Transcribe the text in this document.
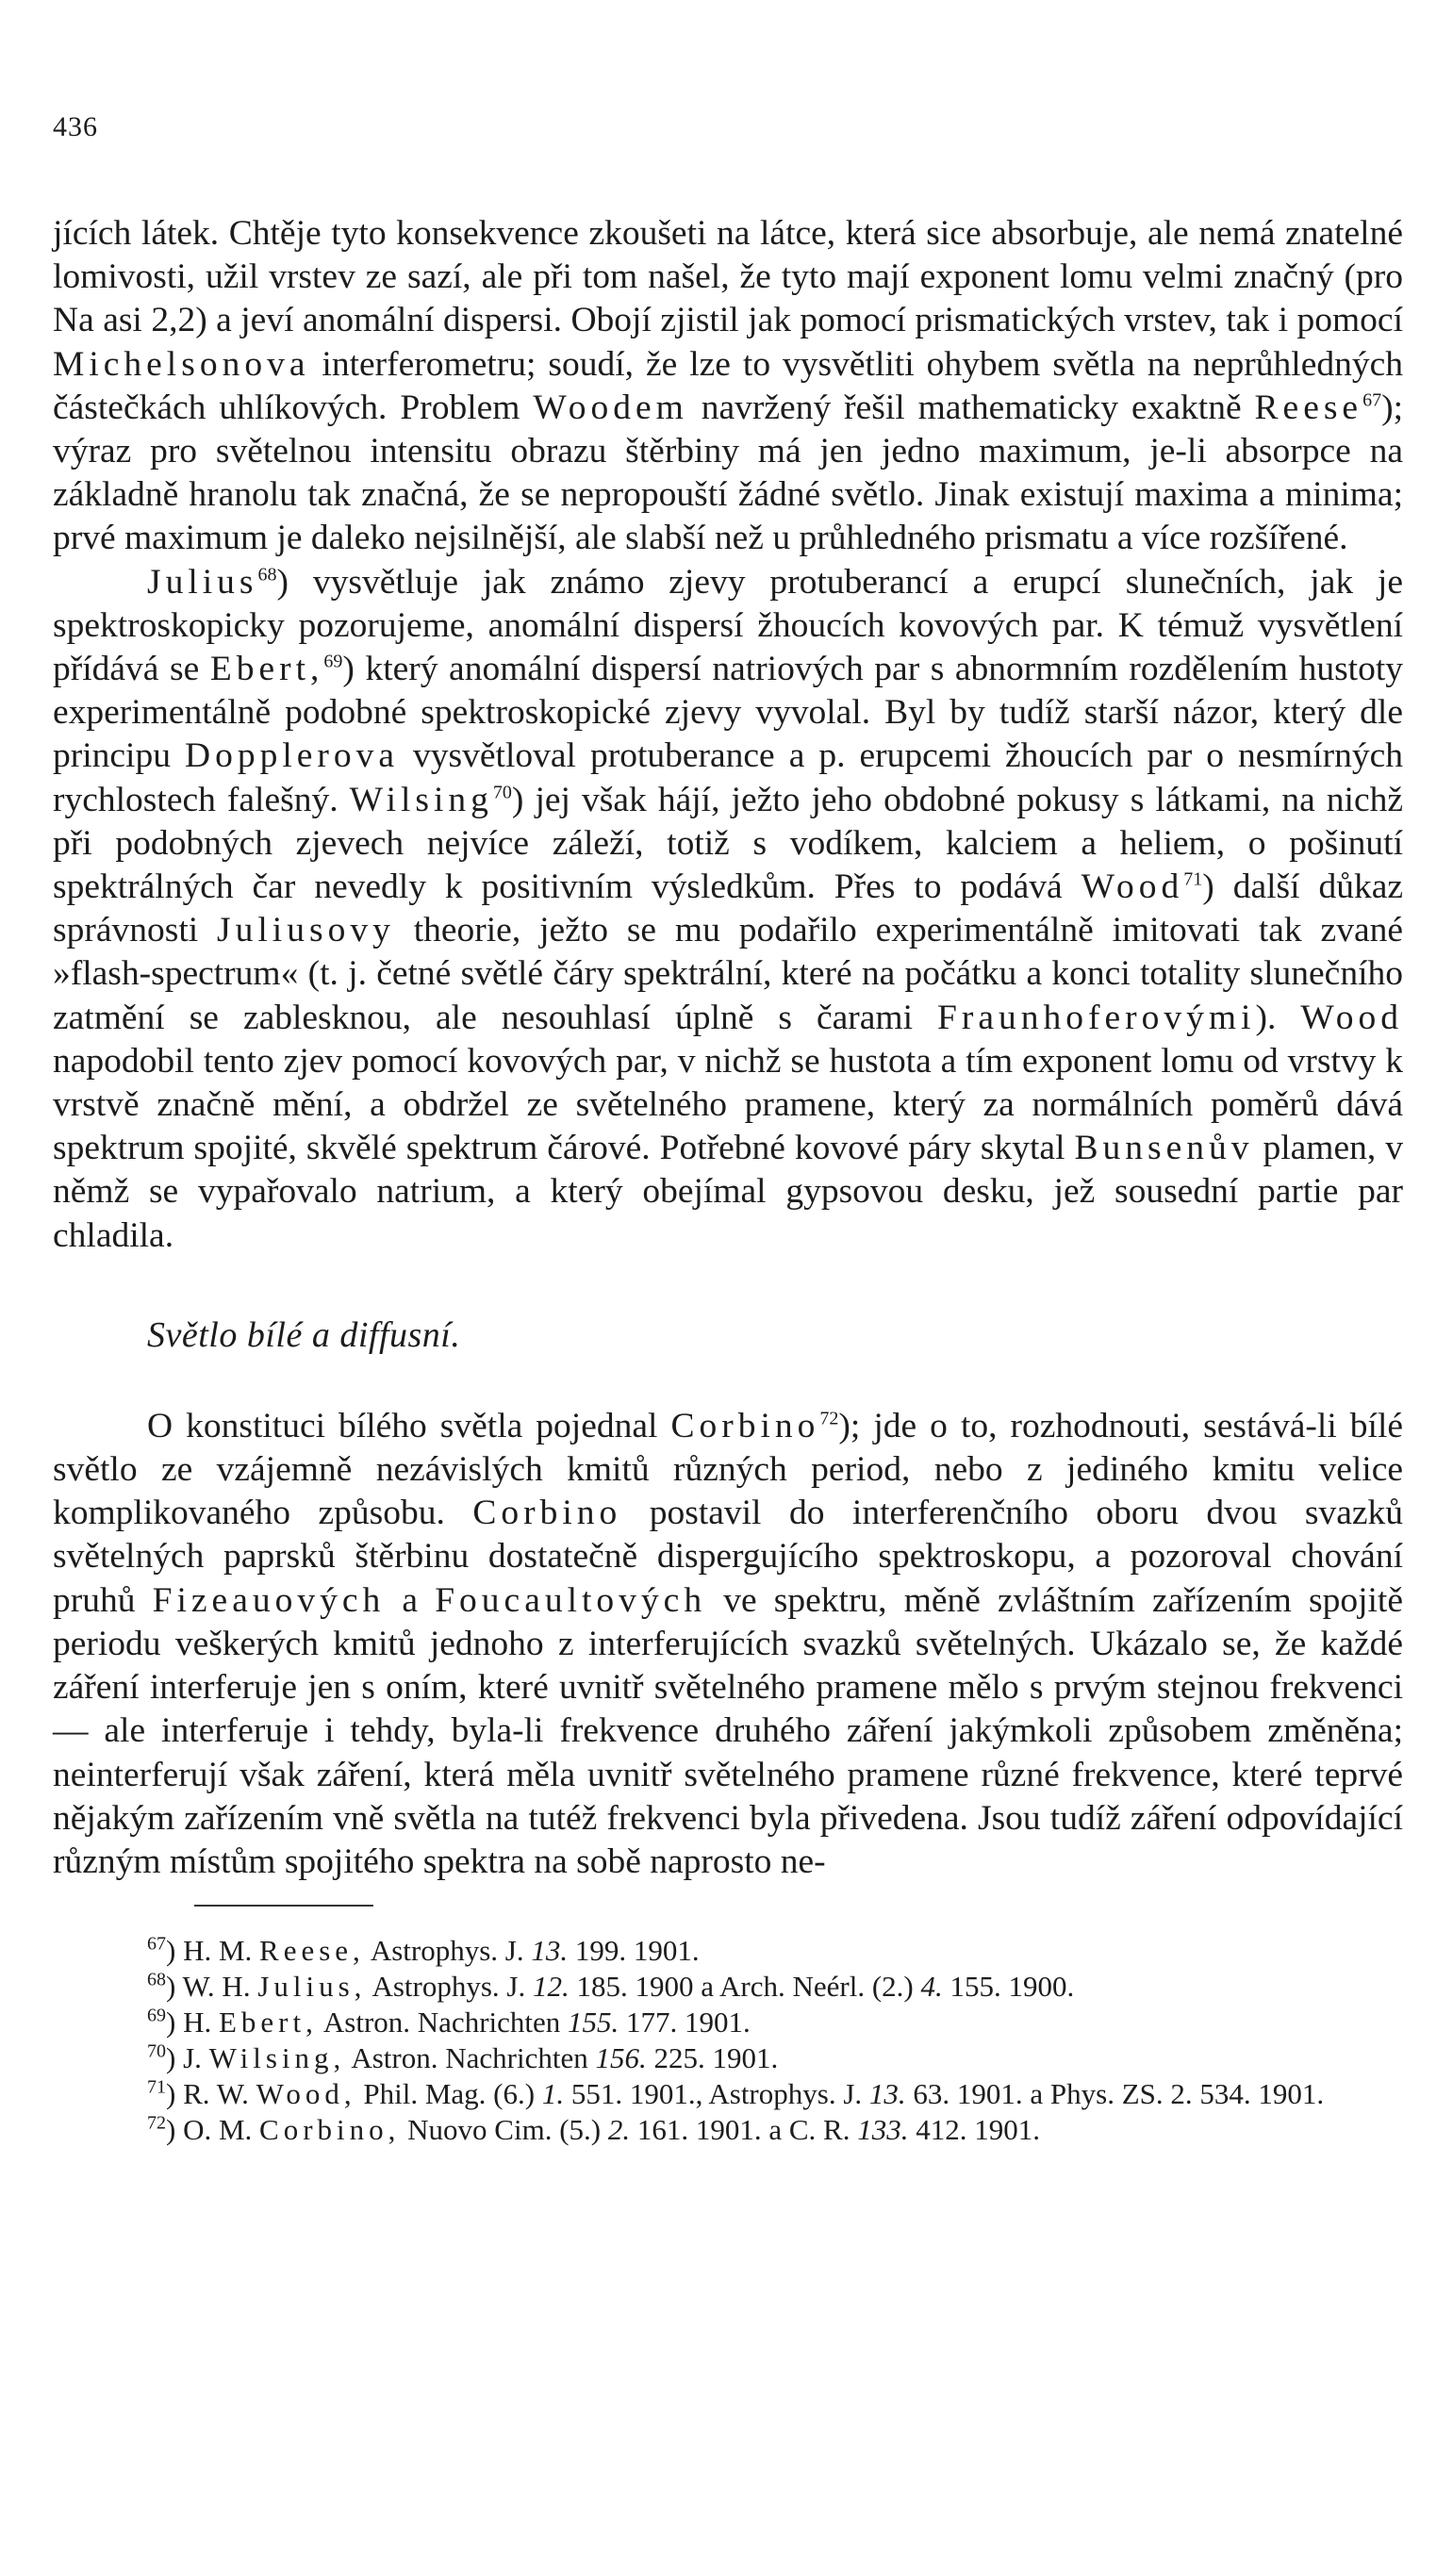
436

jících látek. Chtěje tyto konsekvence zkoušeti na látce, která sice absorbuje, ale nemá znatelné lomivosti, užil vrstev ze sazí, ale při tom našel, že tyto mají exponent lomu velmi značný (pro Na asi 2,2) a jeví anomální dispersi. Obojí zjistil jak pomocí prismatických vrstev, tak i pomocí Michelsonova interferometru; soudí, že lze to vysvětliti ohybem světla na neprůhledných částečkách uhlíkových. Problem Woodem navržený řešil mathematicky exaktně Reese$^{67}$); výraz pro světelnou intensitu obrazu štěrbiny má jen jedno maximum, je-li absorpce na základně hranolu tak značná, že se nepropouští žádné světlo. Jinak existují maxima a minima; prvé maximum je daleko nejsilnější, ale slabší než u průhledného prismatu a více rozšířené.

Julius$^{68}$) vysvětluje jak známo zjevy protuberancí a erupcí slunečních, jak je spektroskopicky pozorujeme, anomální dispersí žhoucích kovových par. K témuž vysvětlení přídává se Ebert,$^{69}$) který anomální dispersí natriových par s abnormním rozdělením hustoty experimentálně podobné spektroskopické zjevy vyvolal. Byl by tudíž starší názor, který dle principu Dopplerova vysvětloval protuberance a p. erupcemi žhoucích par o nesmírných rychlostech falešný. Wilsing$^{70}$) jej však hájí, ježto jeho obdobné pokusy s látkami, na nichž při podobných zjevech nejvíce záleží, totiž s vodíkem, kalciem a heliem, o pošinutí spektrálných čar nevedly k positivním výsledkům. Přes to podává Wood$^{71}$) další důkaz správnosti Juliusovy theorie, ježto se mu podařilo experimentálně imitovati tak zvané »flash-spectrum« (t. j. četné světlé čáry spektrální, které na počátku a konci totality slunečního zatmění se zablesknou, ale nesouhlasí úplně s čarami Fraunhoferovými). Wood napodobil tento zjev pomocí kovových par, v nichž se hustota a tím exponent lomu od vrstvy k vrstvě značně mění, a obdržel ze světelného pramene, který za normálních poměrů dává spektrum spojité, skvělé spektrum čárové. Potřebné kovové páry skytal Bunsenův plamen, v němž se vypařovalo natrium, a který obejímal gypsovou desku, jež sousední partie par chladila.

Světlo bílé a diffusní.

O konstituci bílého světla pojednal Corbino$^{72}$); jde o to, rozhodnouti, sestává-li bílé světlo ze vzájemně nezávislých kmitů různých period, nebo z jediného kmitu velice komplikovaného způsobu. Corbino postavil do interferenčního oboru dvou svazků světelných paprsků štěrbinu dostatečně dispergujícího spektroskopu, a pozoroval chování pruhů Fizeauových a Foucaultových ve spektru, měně zvláštním zařízením spojitě periodu veškerých kmitů jednoho z interferujících svazků světelných. Ukázalo se, že každé záření interferuje jen s oním, které uvnitř světelného pramene mělo s prvým stejnou frekvenci — ale interferuje i tehdy, byla-li frekvence druhého záření jakýmkoli způsobem změněna; neinterferují však záření, která měla uvnitř světelného pramene různé frekvence, které teprvé nějakým zařízením vně světla na tutéž frekvenci byla přivedena. Jsou tudíž záření odpovídající různým místům spojitého spektra na sobě naprosto ne-

$^{67}$) H. M. Reese, Astrophys. J. 13. 199. 1901.

$^{68}$) W. H. Julius, Astrophys. J. 12. 185. 1900 a Arch. Neérl. (2.) 4. 155. 1900.

$^{69}$) H. Ebert, Astron. Nachrichten 155. 177. 1901.

$^{70}$) J. Wilsing, Astron. Nachrichten 156. 225. 1901.

$^{71}$) R. W. Wood, Phil. Mag. (6.) 1. 551. 1901., Astrophys. J. 13. 63. 1901. a Phys. ZS. 2. 534. 1901.

$^{72}$) O. M. Corbino, Nuovo Cim. (5.) 2. 161. 1901. a C. R. 133. 412. 1901.
